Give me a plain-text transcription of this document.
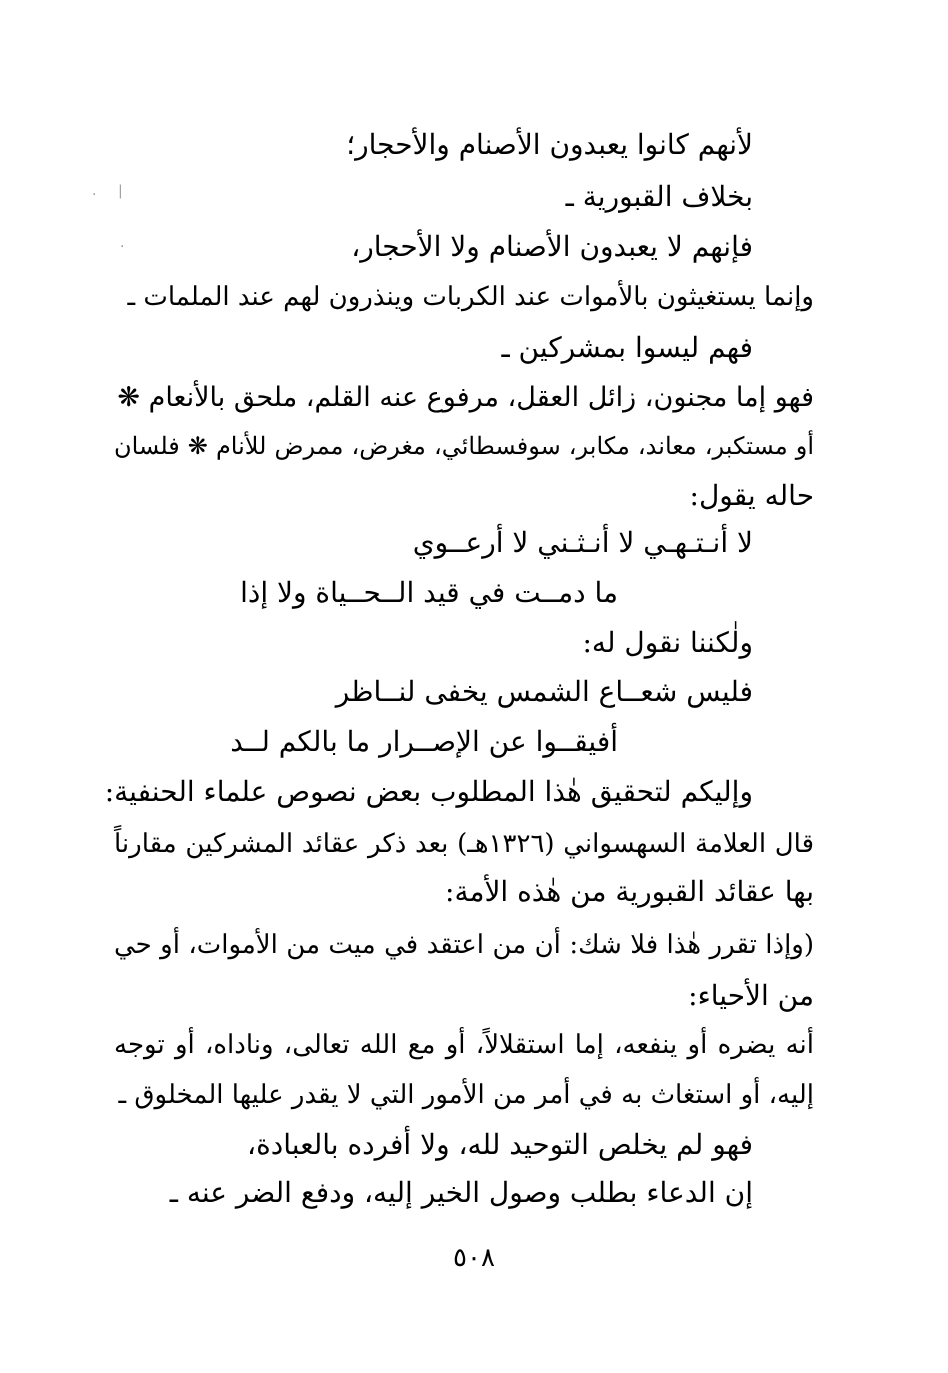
لأنهم كانوا يعبدون الأصنام والأحجار؛
بخلاف القبورية ـ
فإنهم لا يعبدون الأصنام ولا الأحجار،
وإنما يستغيثون بالأموات عند الكربات وينذرون لهم عند الملمات ـ
فهم ليسوا بمشركين ـ
فهو إما مجنون، زائل العقل، مرفوع عنه القلم، ملحق بالأنعام ❋
أو مستكبر، معاند، مكابر، سوفسطائي، مغرض، ممرض للأنام ❋ فلسان
حاله يقول:
لا أنـتـهـي لا أنـثـني لا أرعــوي
ما دمــت في قيد الــحــياة ولا إذا
ولٰكننا نقول له:
فليس شعــاع الشمس يخفى لنــاظر
أفيقــوا عن الإصــرار ما بالكم لــد
وإليكم لتحقيق هٰذا المطلوب بعض نصوص علماء الحنفية:
قال العلامة السهسواني (١٣٢٦هـ) بعد ذكر عقائد المشركين مقارناً
بها عقائد القبورية من هٰذه الأمة:
(وإذا تقرر هٰذا فلا شك: أن من اعتقد في ميت من الأموات، أو حي
من الأحياء:
أنه يضره أو ينفعه، إما استقلالاً، أو مع الله تعالى، وناداه، أو توجه
إليه، أو استغاث به في أمر من الأمور التي لا يقدر عليها المخلوق ـ
فهو لم يخلص التوحيد لله، ولا أفرده بالعبادة،
إن الدعاء بطلب وصول الخير إليه، ودفع الضر عنه ـ
٥٠٨
· |
·
